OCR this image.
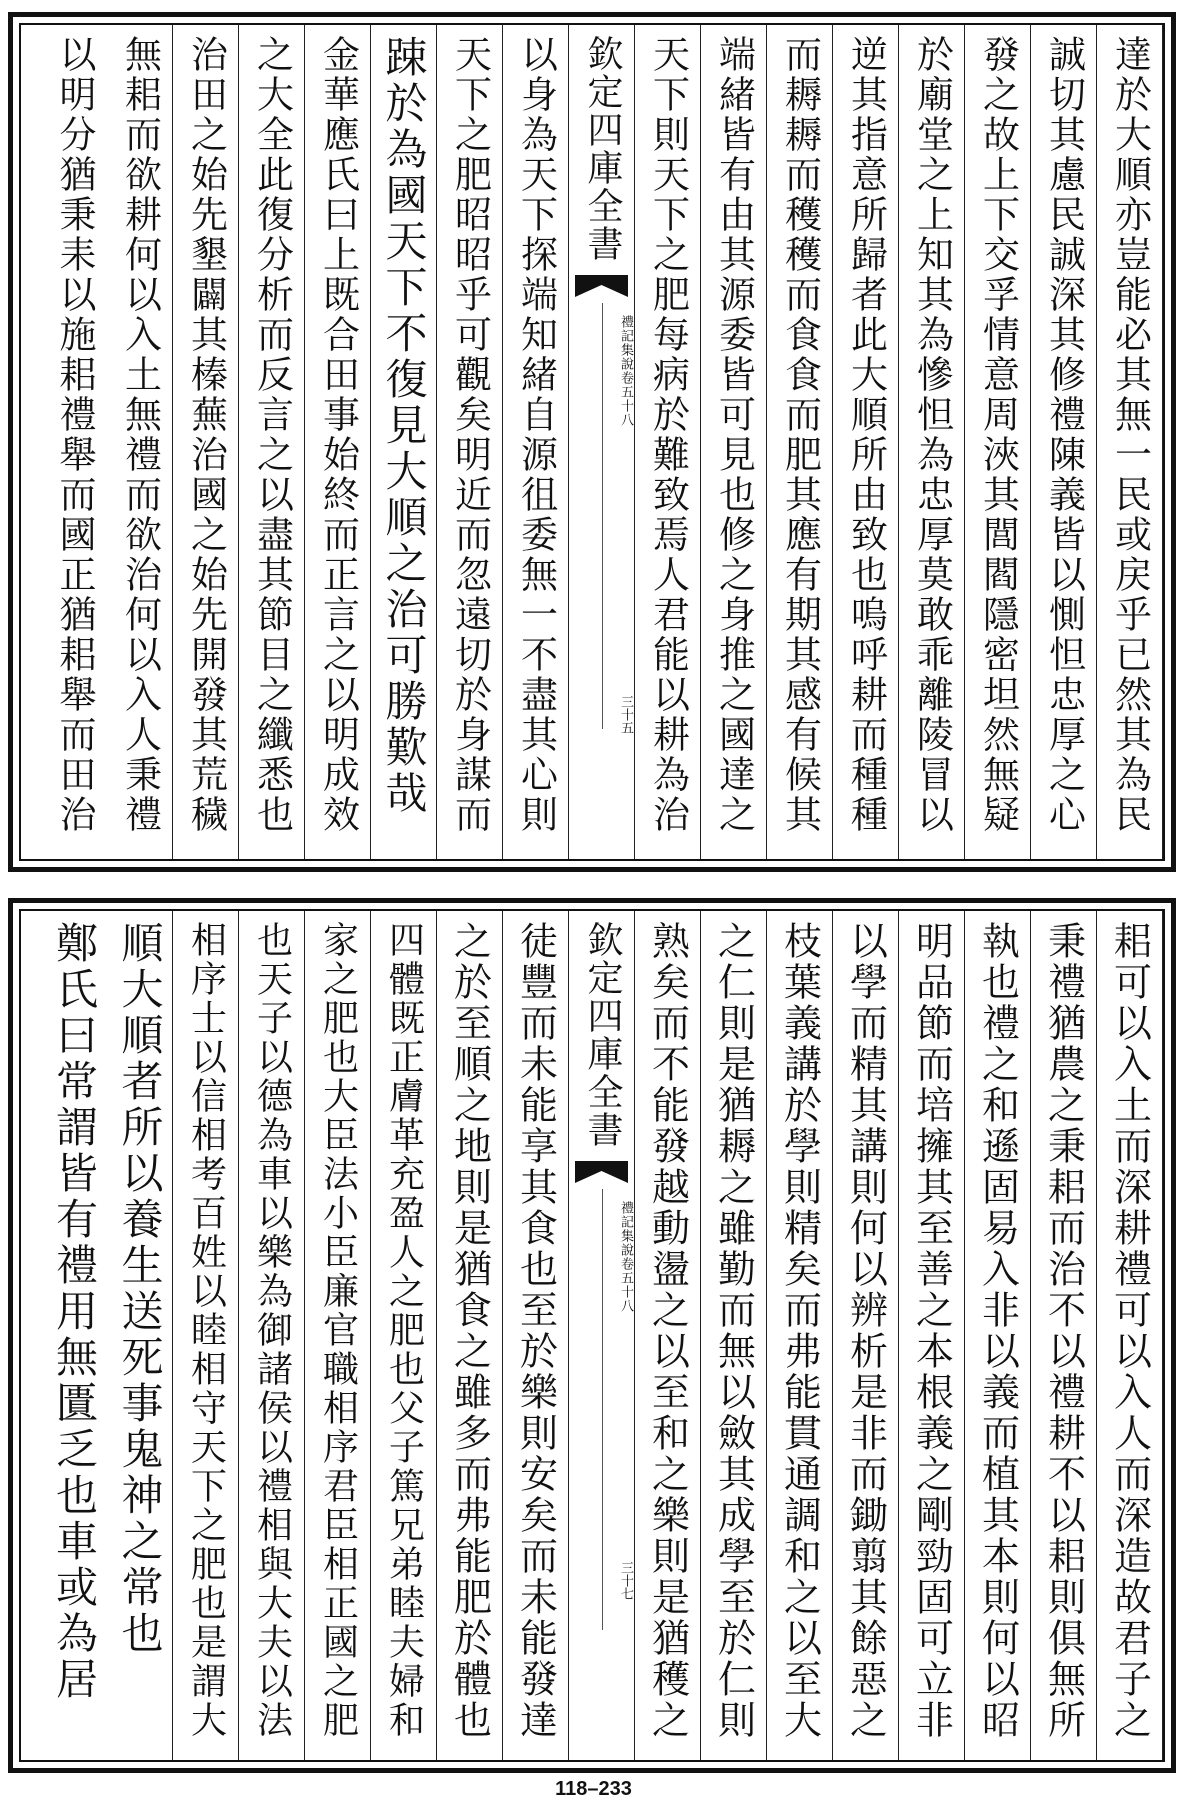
達於大順亦豈能必其無一民或戻乎已然其為民
誠切其慮民誠深其修禮陳義皆以惻怛忠厚之心
發之故上下交孚情意周浹其閭閻隱密坦然無疑
於廟堂之上知其為慘怛為忠厚莫敢乖離陵冒以
逆其指意所歸者此大順所由致也嗚呼耕而種種
而耨耨而穫穫而食食而肥其應有期其感有候其
端緒皆有由其源委皆可見也修之身推之國達之
天下則天下之肥每病於難致焉人君能以耕為治
欽定四庫全書
禮記集說
卷五十八
三十五
以身為天下探端知緒自源徂委無一不盡其心則
天下之肥昭昭乎可觀矣明近而忽遠切於身謀而
踈於為國天下不復見大順之治可勝歎哉
金華應氏曰上既合田事始終而正言之以明成效
之大全此復分析而反言之以盡其節目之纖悉也
治田之始先墾闢其榛蕪治國之始先開發其荒穢
無耜而欲耕何以入土無禮而欲治何以入人秉禮
以明分猶秉耒以施耜禮舉而國正猶耜舉而田治
耜可以入土而深耕禮可以入人而深造故君子之
秉禮猶農之秉耜而治不以禮耕不以耜則俱無所
執也禮之和遜固易入非以義而植其本則何以昭
明品節而培擁其至善之本根義之剛勁固可立非
以學而精其講則何以辨析是非而鋤翦其餘惡之
枝葉義講於學則精矣而弗能貫通調和之以至大
之仁則是猶耨之雖勤而無以斂其成學至於仁則
熟矣而不能發越動盪之以至和之樂則是猶穫之
欽定四庫全書
禮記集說
卷五十八
三十七
徒豐而未能享其食也至於樂則安矣而未能發達
之於至順之地則是猶食之雖多而弗能肥於體也
四體既正膚革充盈人之肥也父子篤兄弟睦夫婦和
家之肥也大臣法小臣廉官職相序君臣相正國之肥
也天子以德為車以樂為御諸侯以禮相與大夫以法
相序士以信相考百姓以睦相守天下之肥也是謂大
順大順者所以養生送死事鬼神之常也
鄭氏曰常謂皆有禮用無匱乏也車或為居
118–233
